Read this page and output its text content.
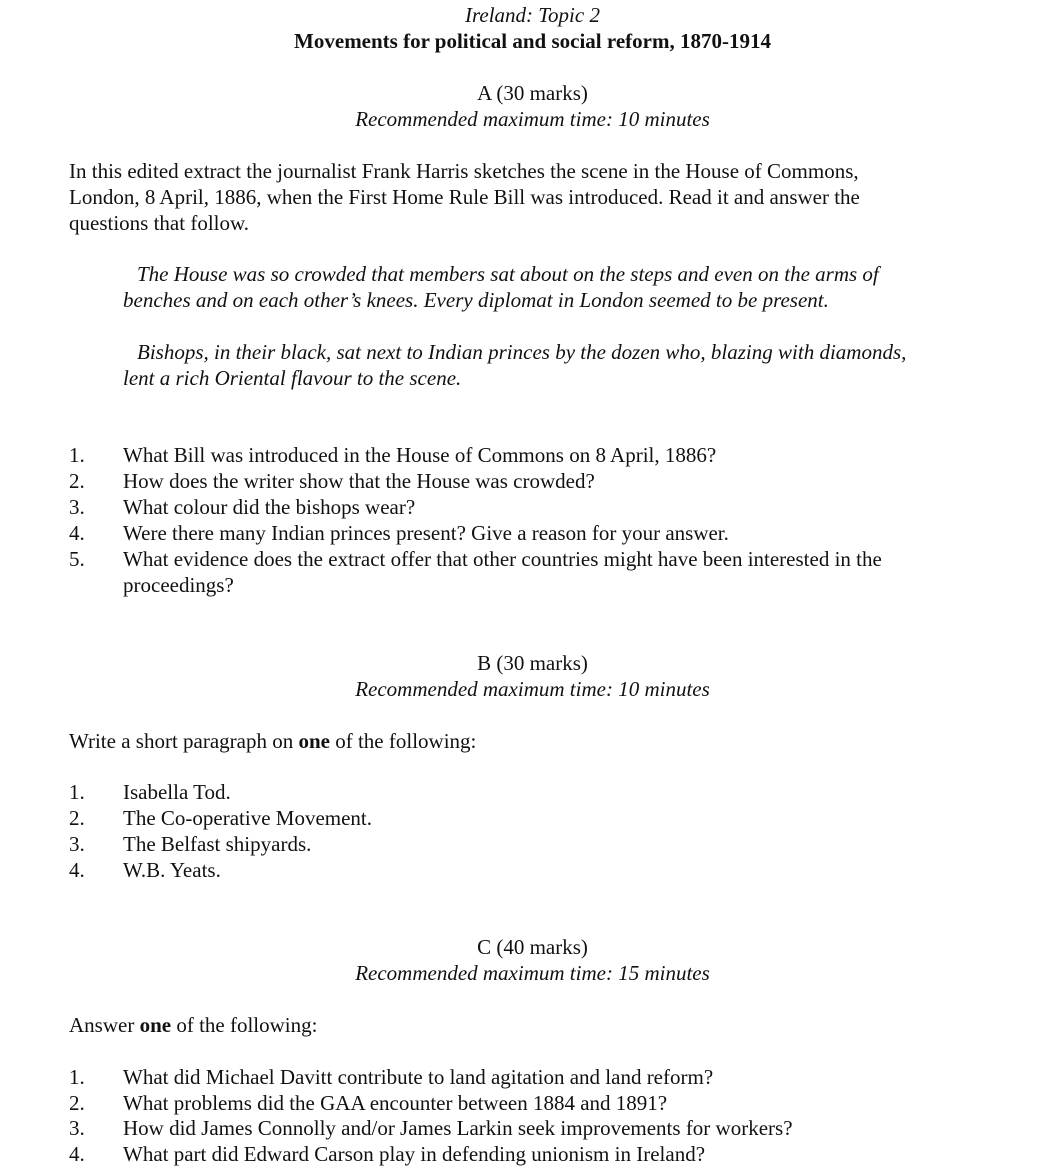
Ireland: Topic 2
Movements for political and social reform, 1870-1914
A (30 marks)
Recommended maximum time: 10 minutes
In this edited extract the journalist Frank Harris sketches the scene in the House of Commons,
London, 8 April, 1886, when the First Home Rule Bill was introduced. Read it and answer the
questions that follow.
The House was so crowded that members sat about on the steps and even on the arms of
benches and on each other’s knees. Every diplomat in London seemed to be present.
Bishops, in their black, sat next to Indian princes by the dozen who, blazing with diamonds,
lent a rich Oriental flavour to the scene.
1. What Bill was introduced in the House of Commons on 8 April, 1886?
2. How does the writer show that the House was crowded?
3. What colour did the bishops wear?
4. Were there many Indian princes present? Give a reason for your answer.
5. What evidence does the extract offer that other countries might have been interested in the
proceedings?
B (30 marks)
Recommended maximum time: 10 minutes
Write a short paragraph on one of the following:
1. Isabella Tod.
2. The Co-operative Movement.
3. The Belfast shipyards.
4. W.B. Yeats.
C (40 marks)
Recommended maximum time: 15 minutes
Answer one of the following:
1. What did Michael Davitt contribute to land agitation and land reform?
2. What problems did the GAA encounter between 1884 and 1891?
3. How did James Connolly and/or James Larkin seek improvements for workers?
4. What part did Edward Carson play in defending unionism in Ireland?
